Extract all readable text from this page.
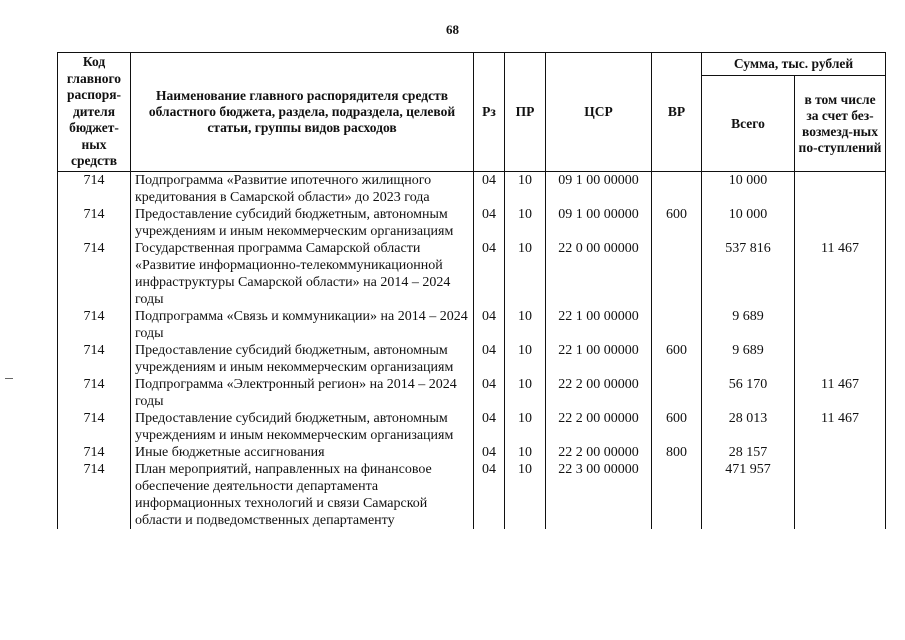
68
Код главного распоря-дителя бюджет-ных средств	Наименование главного распорядителя средств областного бюджета, раздела, подраздела, целевой статьи, группы видов расходов	Рз	ПР	ЦСР	ВР	Сумма, тыс. рублей	
						Всего	в том числе за счет без-возмезд-ных по-ступлений
714	Подпрограмма «Развитие ипотечного жилищного кредитования в Самарской области» до 2023 года	04	10	09 1 00 00000		10 000	
714	Предоставление субсидий бюджетным, автономным учреждениям и иным некоммерческим организациям	04	10	09 1 00 00000	600	10 000	
714	Государственная программа Самарской области «Развитие информационно-телекоммуникационной инфраструктуры Самарской области» на 2014 – 2024 годы	04	10	22 0 00 00000		537 816	11 467
714	Подпрограмма «Связь и коммуникации» на 2014 – 2024 годы	04	10	22 1 00 00000		9 689	
714	Предоставление субсидий бюджетным, автономным учреждениям и иным некоммерческим организациям	04	10	22 1 00 00000	600	9 689	
714	Подпрограмма «Электронный регион» на 2014 – 2024 годы	04	10	22 2 00 00000		56 170	11 467
714	Предоставление субсидий бюджетным, автономным учреждениям и иным некоммерческим организациям	04	10	22 2 00 00000	600	28 013	11 467
714	Иные бюджетные ассигнования	04	10	22 2 00 00000	800	28 157	
714	План мероприятий, направленных на финансовое обеспечение деятельности департамента информационных технологий и связи Самарской области и подведомственных департаменту	04	10	22 3 00 00000		471 957	
